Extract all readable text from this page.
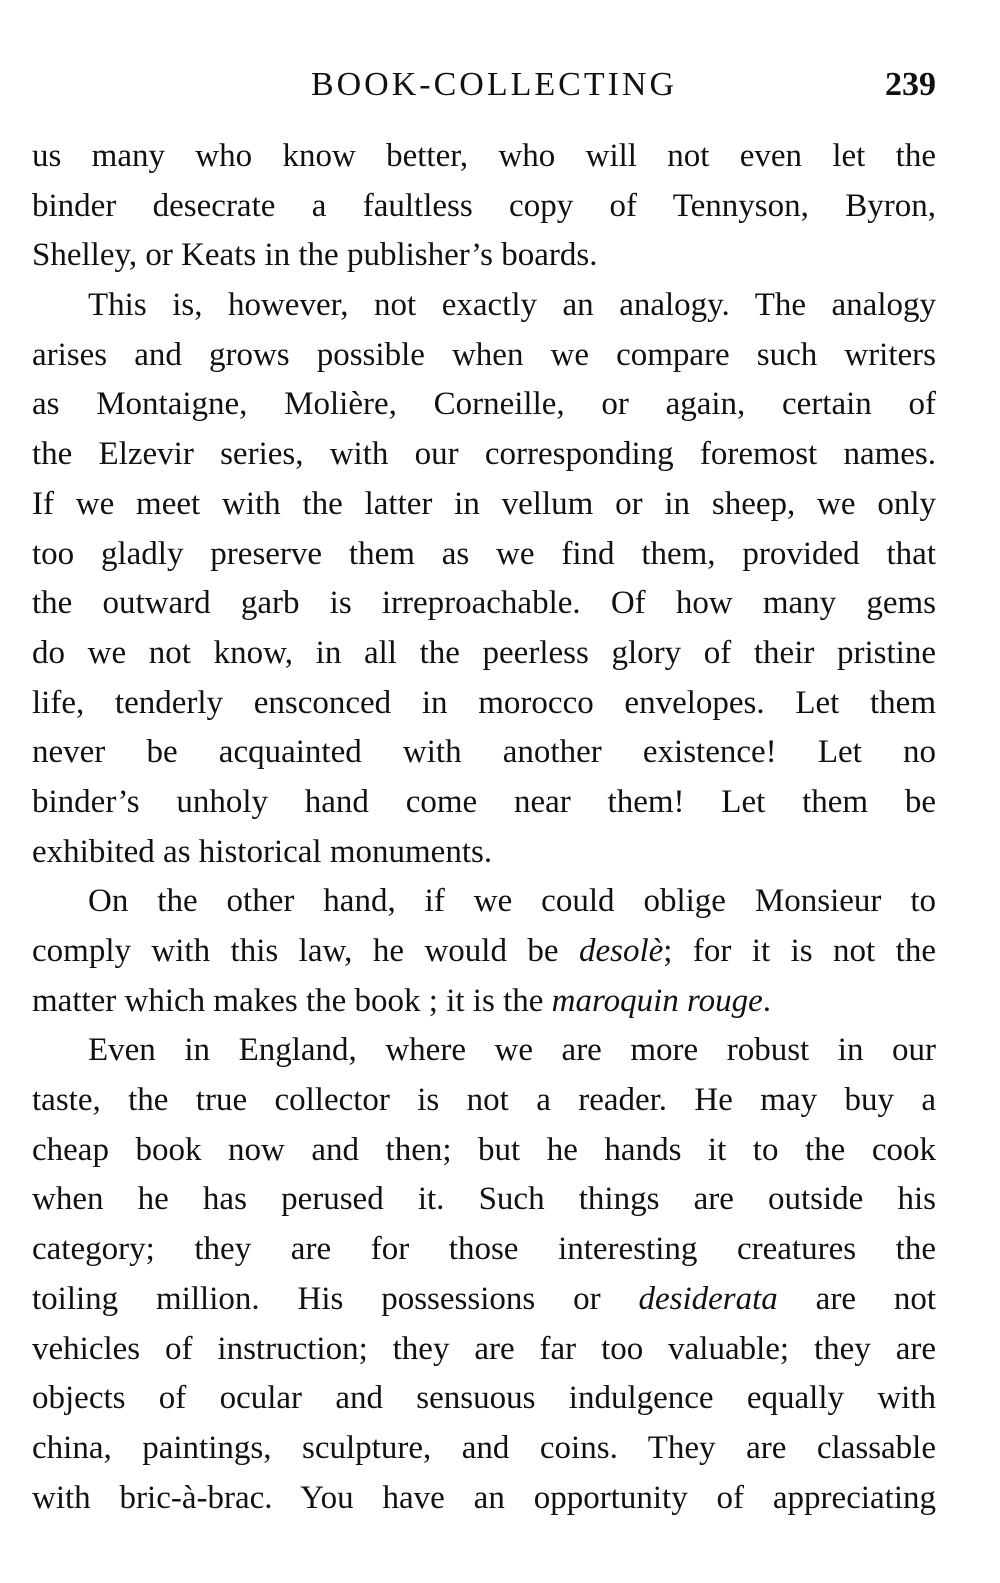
BOOK-COLLECTING	239
us many who know better, who will not even let the
binder desecrate a faultless copy of Tennyson, Byron,
Shelley, or Keats in the publisher’s boards.
This is, however, not exactly an analogy. The analogy
arises and grows possible when we compare such writers
as Montaigne, Molière, Corneille, or again, certain of
the Elzevir series, with our corresponding foremost names.
If we meet with the latter in vellum or in sheep, we only
too gladly preserve them as we find them, provided that
the outward garb is irreproachable. Of how many gems
do we not know, in all the peerless glory of their pristine
life, tenderly ensconced in morocco envelopes. Let them
never be acquainted with another existence! Let no
binder’s unholy hand come near them! Let them be
exhibited as historical monuments.
On the other hand, if we could oblige Monsieur to
comply with this law, he would be desolè; for it is not the
matter which makes the book ; it is the maroquin rouge.
Even in England, where we are more robust in our
taste, the true collector is not a reader. He may buy a
cheap book now and then; but he hands it to the cook
when he has perused it. Such things are outside his
category; they are for those interesting creatures the
toiling million. His possessions or desiderata are not
vehicles of instruction; they are far too valuable; they are
objects of ocular and sensuous indulgence equally with
china, paintings, sculpture, and coins. They are classable
with bric-à-brac. You have an opportunity of appreciating
